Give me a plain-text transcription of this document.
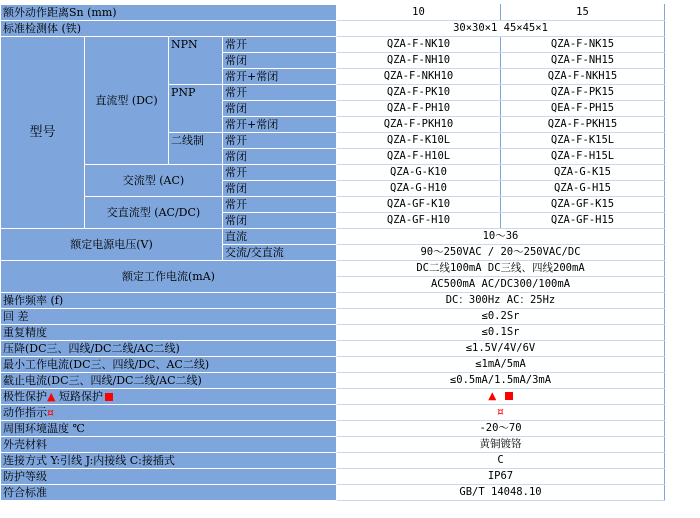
额外动作距离Sn (mm)				10	15
标准检测体 (铁)				30×30×1 45×45×1	
型号	直流型 (DC)	NPN	常开	QZA-F-NK10	QZA-F-NK15
			常闭	QZA-F-NH10	QZA-F-NH15
			常开+常闭	QZA-F-NKH10	QZA-F-NKH15
		PNP	常开	QZA-F-PK10	QZA-F-PK15
			常闭	QZA-F-PH10	QEA-F-PH15
			常开+常闭	QZA-F-PKH10	QZA-F-PKH15
		二线制	常开	QZA-F-K10L	QZA-F-K15L
			常闭	QZA-F-H10L	QZA-F-H15L
	交流型 (AC)		常开	QZA-G-K10	QZA-G-K15
			常闭	QZA-G-H10	QZA-G-H15
	交直流型 (AC/DC)		常开	QZA-GF-K10	QZA-GF-K15
			常闭	QZA-GF-H10	QZA-GF-H15
额定电源电压(V)			直流	10～36	
			交流/交直流	90～250VAC / 20～250VAC/DC	
额定工作电流(mA)				DC二线100mA DC三线、四线200mA	
				AC500mA AC/DC300/100mA	
操作频率 (f)				DC：300Hz AC：25Hz	
回 差				≤0.2Sr	
重复精度				≤0.1Sr	
压降(DC三、四线/DC二线/AC二线)				≤1.5V/4V/6V	
最小工作电流(DC三、四线/DC、AC二线)				≤1mA/5mA	
截止电流(DC三、四线/DC二线/AC二线)				≤0.5mA/1.5mA/3mA	
极性保护▲ 短路保护				▲	
动作指示¤				¤	
周围环境温度 ℃				-20～70	
外壳材料				黄铜镀铬	
连接方式 Y:引线 J:内接线 C:接插式				C	
防护等级				IP67	
符合标准				GB/T 14048.10	
